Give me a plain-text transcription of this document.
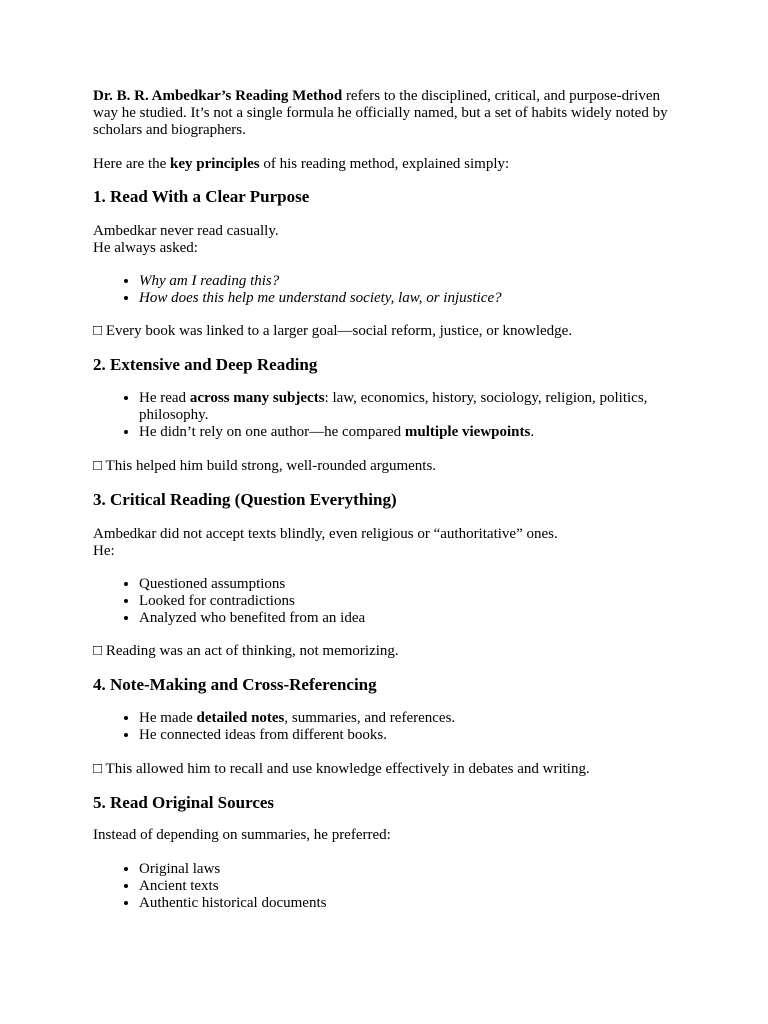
Dr. B. R. Ambedkar’s Reading Method refers to the disciplined, critical, and purpose-driven way he studied. It’s not a single formula he officially named, but a set of habits widely noted by scholars and biographers.

Here are the key principles of his reading method, explained simply:

1. Read With a Clear Purpose

Ambedkar never read casually.
He always asked:

• Why am I reading this?
• How does this help me understand society, law, or injustice?

□ Every book was linked to a larger goal—social reform, justice, or knowledge.

2. Extensive and Deep Reading
• He read across many subjects: law, economics, history, sociology, religion, politics, philosophy.
• He didn’t rely on one author—he compared multiple viewpoints.

□ This helped him build strong, well-rounded arguments.

3. Critical Reading (Question Everything)

Ambedkar did not accept texts blindly, even religious or “authoritative” ones.
He:

• Questioned assumptions
• Looked for contradictions
• Analyzed who benefited from an idea

□ Reading was an act of thinking, not memorizing.

4. Note-Making and Cross-Referencing
• He made detailed notes, summaries, and references.
• He connected ideas from different books.

□ This allowed him to recall and use knowledge effectively in debates and writing.

5. Read Original Sources

Instead of depending on summaries, he preferred:

• Original laws
• Ancient texts
• Authentic historical documents
